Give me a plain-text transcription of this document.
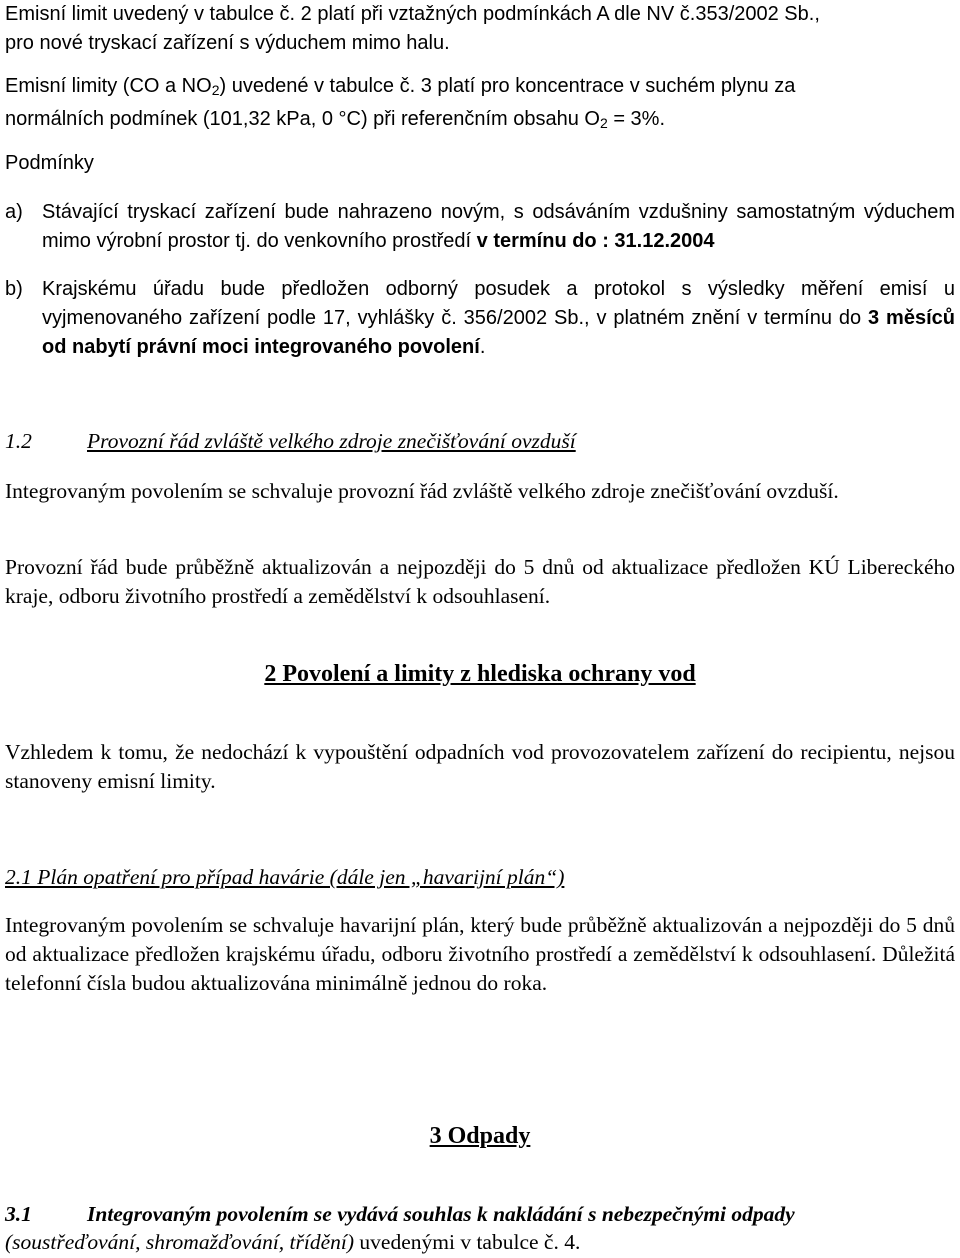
Emisní limit uvedený v tabulce č. 2 platí při vztažných podmínkách A dle NV č.353/2002 Sb.,
pro nové tryskací zařízení s výduchem mimo halu.
Emisní limity (CO a $NO_2$) uvedené v tabulce č. 3 platí pro koncentrace v suchém plynu za
normálních podmínek (101,32 kPa, 0 °C) při referenčním obsahu $O_2 = 3\%$.
Podmínky
a) Stávající tryskací zařízení bude nahrazeno novým, s odsáváním vzdušniny samostatným výduchem mimo výrobní prostor tj. do venkovního prostředí v termínu do : 31.12.2004
b) Krajskému úřadu bude předložen odborný posudek a protokol s výsledky měření emisí u vyjmenovaného zařízení podle 17, vyhlášky č. 356/2002 Sb., v platném znění v termínu do 3 měsíců od nabytí právní moci integrovaného povolení.
1.2	Provozní řád zvláště velkého zdroje znečišťování ovzduší
Integrovaným povolením se schvaluje provozní řád zvláště velkého zdroje znečišťování ovzduší.
Provozní řád bude průběžně aktualizován a nejpozději do 5 dnů od aktualizace předložen KÚ Libereckého kraje, odboru životního prostředí a zemědělství k odsouhlasení.
2 Povolení a limity z hlediska ochrany vod
Vzhledem k tomu, že nedochází k vypouštění odpadních vod provozovatelem zařízení do recipientu, nejsou stanoveny emisní limity.
2.1 Plán opatření pro případ havárie (dále jen „havarijní plán“)
Integrovaným povolením se schvaluje havarijní plán, který bude průběžně aktualizován a nejpozději do 5 dnů od aktualizace předložen krajskému úřadu, odboru životního prostředí a zemědělství k odsouhlasení. Důležitá telefonní čísla budou aktualizována minimálně jednou do roka.
3 Odpady
3.1	Integrovaným povolením se vydává souhlas k nakládání s nebezpečnými odpady
(soustřeďování, shromažďování, třídění) uvedenými v tabulce č. 4.
